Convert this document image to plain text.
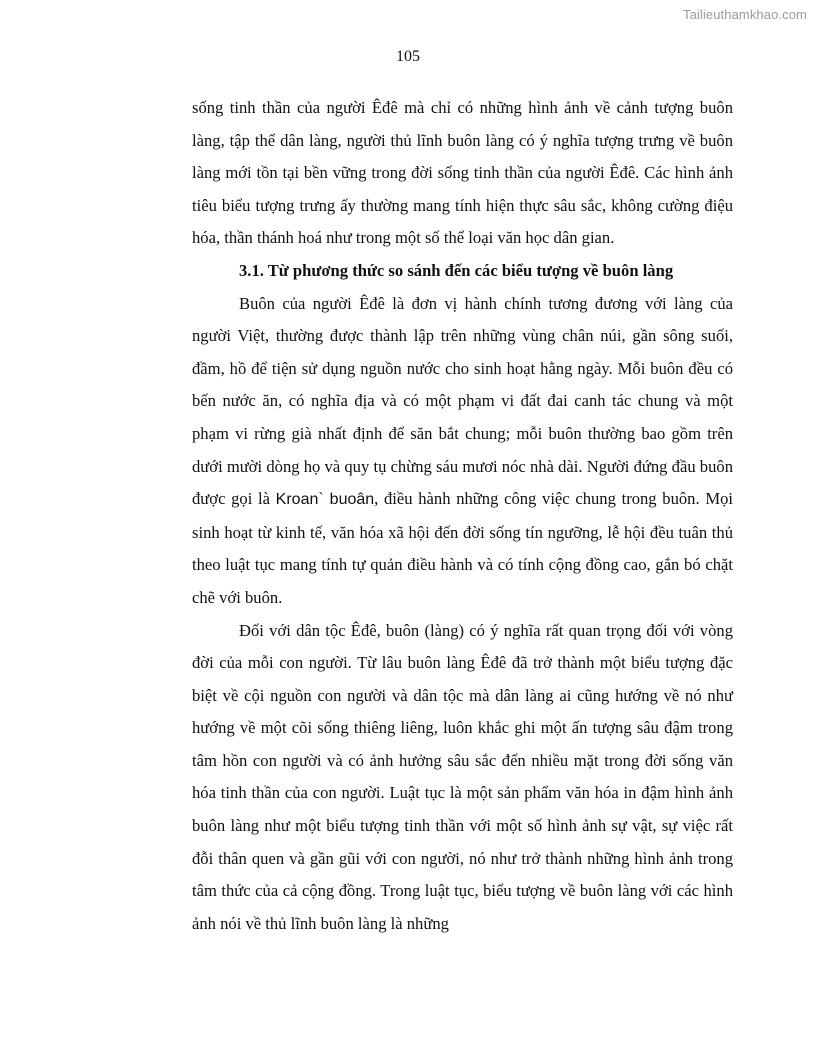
Tailieuthamkhao.com
105

sống tinh thần của người Êđê mà chỉ có những hình ảnh về cảnh tượng buôn làng, tập thể dân làng, người thủ lĩnh buôn làng có ý nghĩa tượng trưng về buôn làng mới tồn tại bền vững trong đời sống tinh thần của người Êđê. Các hình ảnh tiêu biểu tượng trưng ấy thường mang tính hiện thực sâu sắc, không cường điệu hóa, thần thánh hoá như trong một số thể loại văn học dân gian.

3.1. Từ phương thức so sánh đến các biểu tượng về buôn làng

Buôn của người Êđê là đơn vị hành chính tương đương với làng của người Việt, thường được thành lập trên những vùng chân núi, gần sông suối, đầm, hồ để tiện sử dụng nguồn nước cho sinh hoạt hằng ngày. Mỗi buôn đều có bến nước ăn, có nghĩa địa và có một phạm vi đất đai canh tác chung và một phạm vi rừng già nhất định để săn bắt chung; mỗi buôn thường bao gồm trên dưới mười dòng họ và quy tụ chừng sáu mươi nóc nhà dài. Người đứng đầu buôn được gọi là Kroan` buoân, điều hành những công việc chung trong buôn. Mọi sinh hoạt từ kinh tế, văn hóa xã hội đến đời sống tín ngưỡng, lễ hội đều tuân thủ theo luật tục mang tính tự quản điều hành và có tính cộng đồng cao, gắn bó chặt chẽ với buôn.

Đối với dân tộc Êđê, buôn (làng) có ý nghĩa rất quan trọng đối với vòng đời của mỗi con người. Từ lâu buôn làng Êđê đã trở thành một biểu tượng đặc biệt về cội nguồn con người và dân tộc mà dân làng ai cũng hướng về nó như hướng về một cõi sống thiêng liêng, luôn khắc ghi một ấn tượng sâu đậm trong tâm hồn con người và có ảnh hưởng sâu sắc đến nhiều mặt trong đời sống văn hóa tinh thần của con người. Luật tục là một sản phẩm văn hóa in đậm hình ảnh buôn làng như một biểu tượng tinh thần với một số hình ảnh sự vật, sự việc rất đỗi thân quen và gần gũi với con người, nó như trở thành những hình ảnh trong tâm thức của cả cộng đồng. Trong luật tục, biểu tượng về buôn làng với các hình ảnh nói về thủ lĩnh buôn làng là những
